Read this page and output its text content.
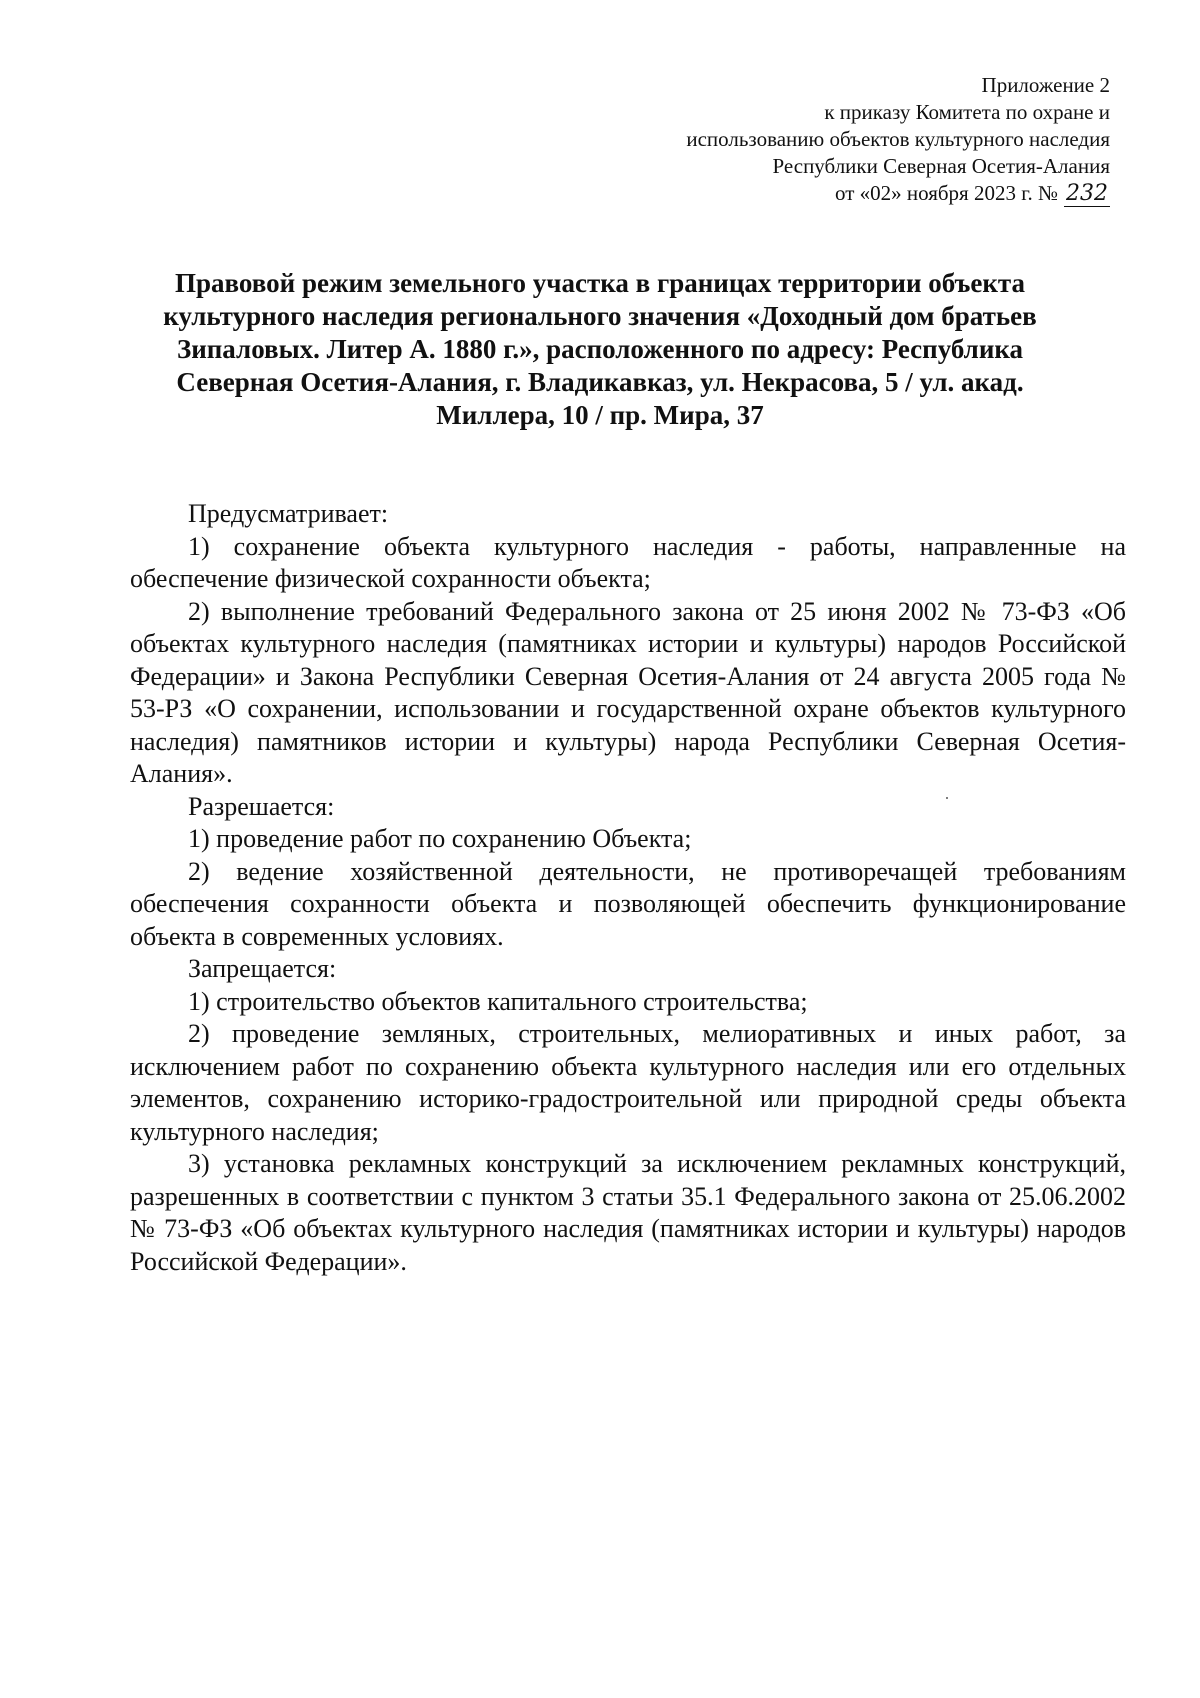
Приложение 2
к приказу Комитета по охране и
использованию объектов культурного наследия
Республики Северная Осетия-Алания
от «02» ноября 2023 г. № 232
Правовой режим земельного участка в границах территории объекта культурного наследия регионального значения «Доходный дом братьев Зипаловых. Литер А. 1880 г.», расположенного по адресу: Республика Северная Осетия-Алания, г. Владикавказ, ул. Некрасова, 5 / ул. акад. Миллера, 10 / пр. Мира, 37

Предусматривает:

1) сохранение объекта культурного наследия - работы, направленные на обеспечение физической сохранности объекта;

2) выполнение требований Федерального закона от 25 июня 2002 № 73-ФЗ «Об объектах культурного наследия (памятниках истории и культуры) народов Российской Федерации» и Закона Республики Северная Осетия-Алания от 24 августа 2005 года № 53-РЗ «О сохранении, использовании и государственной охране объектов культурного наследия) памятников истории и культуры) народа Республики Северная Осетия-Алания».

Разрешается:

1) проведение работ по сохранению Объекта;

2) ведение хозяйственной деятельности, не противоречащей требованиям обеспечения сохранности объекта и позволяющей обеспечить функционирование объекта в современных условиях.

Запрещается:

1) строительство объектов капитального строительства;

2) проведение земляных, строительных, мелиоративных и иных работ, за исключением работ по сохранению объекта культурного наследия или его отдельных элементов, сохранению историко-градостроительной или природной среды объекта культурного наследия;

3) установка рекламных конструкций за исключением рекламных конструкций, разрешенных в соответствии с пунктом 3 статьи 35.1 Федерального закона от 25.06.2002 № 73-ФЗ «Об объектах культурного наследия (памятниках истории и культуры) народов Российской Федерации».
